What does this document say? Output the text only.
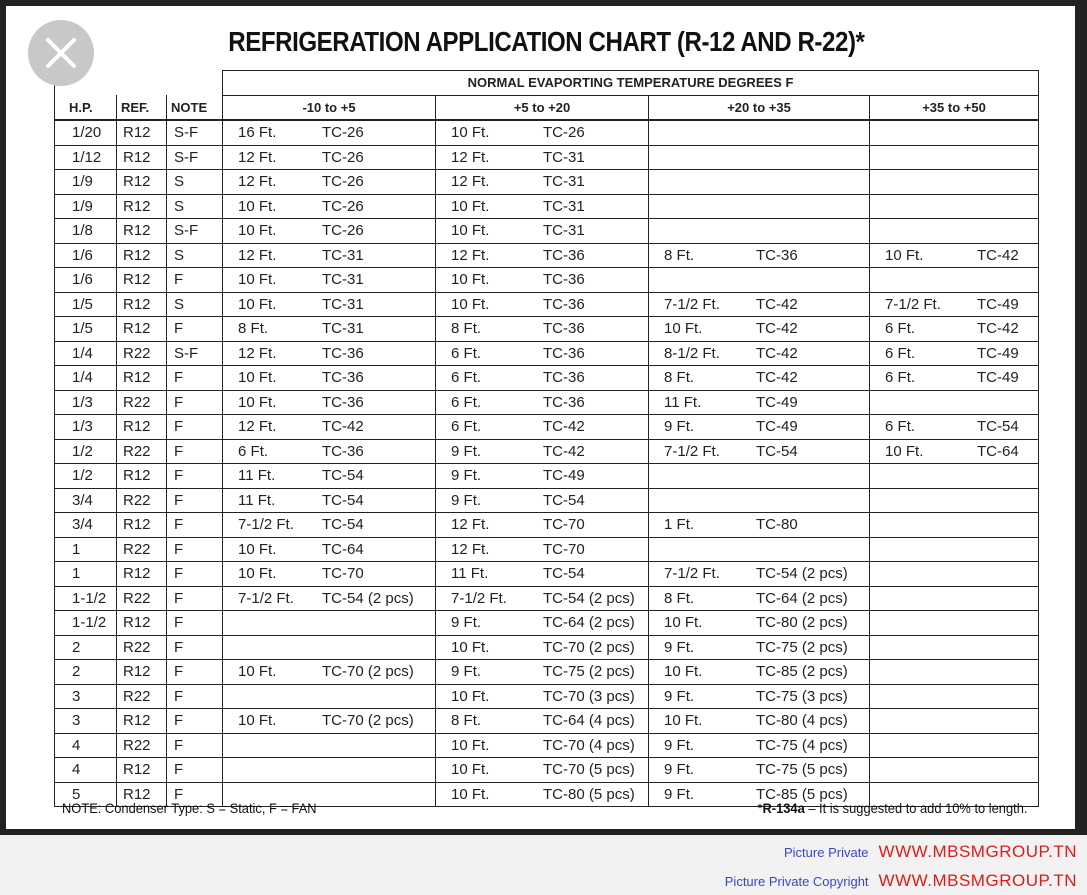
REFRIGERATION APPLICATION CHART (R-12 AND R-22)*
			NORMAL EVAPORTING TEMPERATURE DEGREES F			
H.P.	REF.	NOTE	-10 to +5	+5 to +20	+20 to +35	+35 to +50
1/20	R12	S-F	16 Ft. TC-26	10 Ft. TC-26		

1/12	R12	S-F	12 Ft. TC-26	12 Ft. TC-31		

1/9	R12	S	12 Ft. TC-26	12 Ft. TC-31		

1/9	R12	S	10 Ft. TC-26	10 Ft. TC-31		

1/8	R12	S-F	10 Ft. TC-26	10 Ft. TC-31		

1/6	R12	S	12 Ft. TC-31	12 Ft. TC-36	8 Ft. TC-36	10 Ft. TC-42

1/6	R12	F	10 Ft. TC-31	10 Ft. TC-36		

1/5	R12	S	10 Ft. TC-31	10 Ft. TC-36	7-1/2 Ft. TC-42	7-1/2 Ft. TC-49

1/5	R12	F	8 Ft. TC-31	8 Ft. TC-36	10 Ft. TC-42	6 Ft. TC-42

1/4	R22	S-F	12 Ft. TC-36	6 Ft. TC-36	8-1/2 Ft. TC-42	6 Ft. TC-49

1/4	R12	F	10 Ft. TC-36	6 Ft. TC-36	8 Ft. TC-42	6 Ft. TC-49

1/3	R22	F	10 Ft. TC-36	6 Ft. TC-36	11 Ft. TC-49	

1/3	R12	F	12 Ft. TC-42	6 Ft. TC-42	9 Ft. TC-49	6 Ft. TC-54

1/2	R22	F	6 Ft. TC-36	9 Ft. TC-42	7-1/2 Ft. TC-54	10 Ft. TC-64

1/2	R12	F	11 Ft. TC-54	9 Ft. TC-49		

3/4	R22	F	11 Ft. TC-54	9 Ft. TC-54		

3/4	R12	F	7-1/2 Ft. TC-54	12 Ft. TC-70	1 Ft. TC-80	

1	R22	F	10 Ft. TC-64	12 Ft. TC-70		

1	R12	F	10 Ft. TC-70	11 Ft. TC-54	7-1/2 Ft. TC-54 (2 pcs)	

1-1/2	R22	F	7-1/2 Ft. TC-54 (2 pcs)	7-1/2 Ft. TC-54 (2 pcs)	8 Ft. TC-64 (2 pcs)	

1-1/2	R12	F		9 Ft. TC-64 (2 pcs)	10 Ft. TC-80 (2 pcs)	

2	R22	F		10 Ft. TC-70 (2 pcs)	9 Ft. TC-75 (2 pcs)	

2	R12	F	10 Ft. TC-70 (2 pcs)	9 Ft. TC-75 (2 pcs)	10 Ft. TC-85 (2 pcs)	

3	R22	F		10 Ft. TC-70 (3 pcs)	9 Ft. TC-75 (3 pcs)	

3	R12	F	10 Ft. TC-70 (2 pcs)	8 Ft. TC-64 (4 pcs)	10 Ft. TC-80 (4 pcs)	

4	R22	F		10 Ft. TC-70 (4 pcs)	9 Ft. TC-75 (4 pcs)	

4	R12	F		10 Ft. TC-70 (5 pcs)	9 Ft. TC-75 (5 pcs)	

5	R12	F		10 Ft. TC-80 (5 pcs)	9 Ft. TC-85 (5 pcs)	

NOTE: Condenser Type: S = Static, F = FAN	*R-134a – It is suggested to add 10% to length.
Picture Private WWW.MBSMGROUP.TN
Picture Private Copyright WWW.MBSMGROUP.TN
